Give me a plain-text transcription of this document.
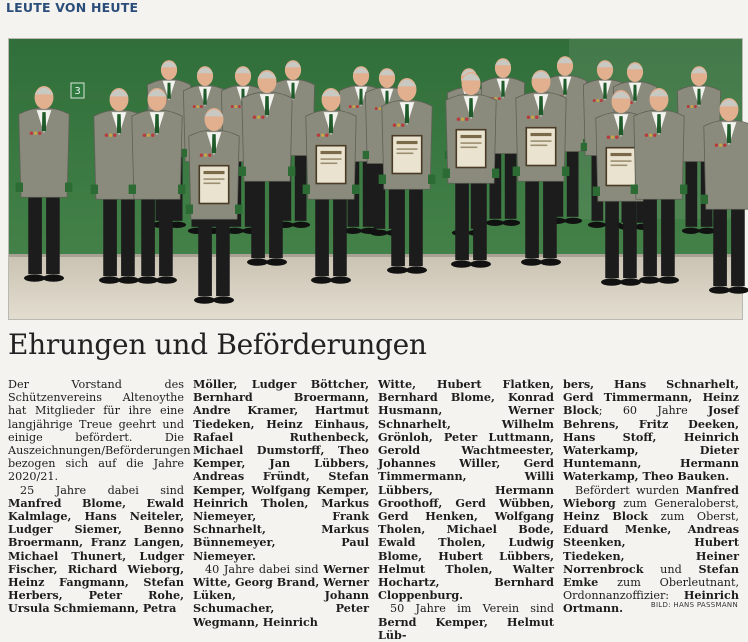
LEUTE VON HEUTE

3
Ehrungen und Beförderungen

Der Vorstand des Schützenvereins Altenoythe hat Mitglieder für ihre eine langjährige Treue geehrt und einige befördert. Die Auszeichnungen/Beförderungen bezogen sich auf die Jahre 2020/21.

25 Jahre dabei sind Manfred Blome, Ewald Kalmlage, Hans Neiteler, Ludger Siemer, Benno Broermann, Franz Langen, Michael Thunert, Ludger Fischer, Richard Wieborg, Heinz Fangmann, Stefan Herbers, Peter Rohe, Ursula Schmiemann, Petra

Möller, Ludger Böttcher, Bernhard Broermann, Andre Kramer, Hartmut Tiedeken, Heinz Einhaus, Rafael Ruthenbeck, Michael Dumstorff, Theo Kemper, Jan Lübbers, Andreas Fründt, Stefan Kemper, Wolfgang Kemper, Heinrich Tholen, Markus Niemeyer, Frank Schnarhelt, Markus Bünnemeyer, Paul Niemeyer.

40 Jahre dabei sind Werner Witte, Georg Brand, Werner Lüken, Johann Schumacher, Peter Wegmann, Heinrich

Witte, Hubert Flatken, Bernhard Blome, Konrad Husmann, Werner Schnarhelt, Wilhelm Grönloh, Peter Luttmann, Gerold Wachtmeester, Johannes Willer, Gerd Timmermann, Willi Lübbers, Hermann Groothoff, Gerd Wübben, Gerd Henken, Wolfgang Tholen, Michael Bode, Ewald Tholen, Ludwig Blome, Hubert Lübbers, Helmut Tholen, Walter Hochartz, Bernhard Cloppenburg.

50 Jahre im Verein sind Bernd Kemper, Helmut Lüb-

bers, Hans Schnarhelt, Gerd Timmermann, Heinz Block; 60 Jahre Josef Behrens, Fritz Deeken, Hans Stoff, Heinrich Waterkamp, Dieter Huntemann, Hermann Waterkamp, Theo Bauken.

Befördert wurden Manfred Wieborg zum Generaloberst, Heinz Block zum Oberst, Eduard Menke, Andreas Steenken, Hubert Tiedeken, Heiner Norrenbrock und Stefan Emke zum Oberleutnant, Ordonnanzoffizier: Heinrich Ortmann.	BILD: HANS PASSMANN
